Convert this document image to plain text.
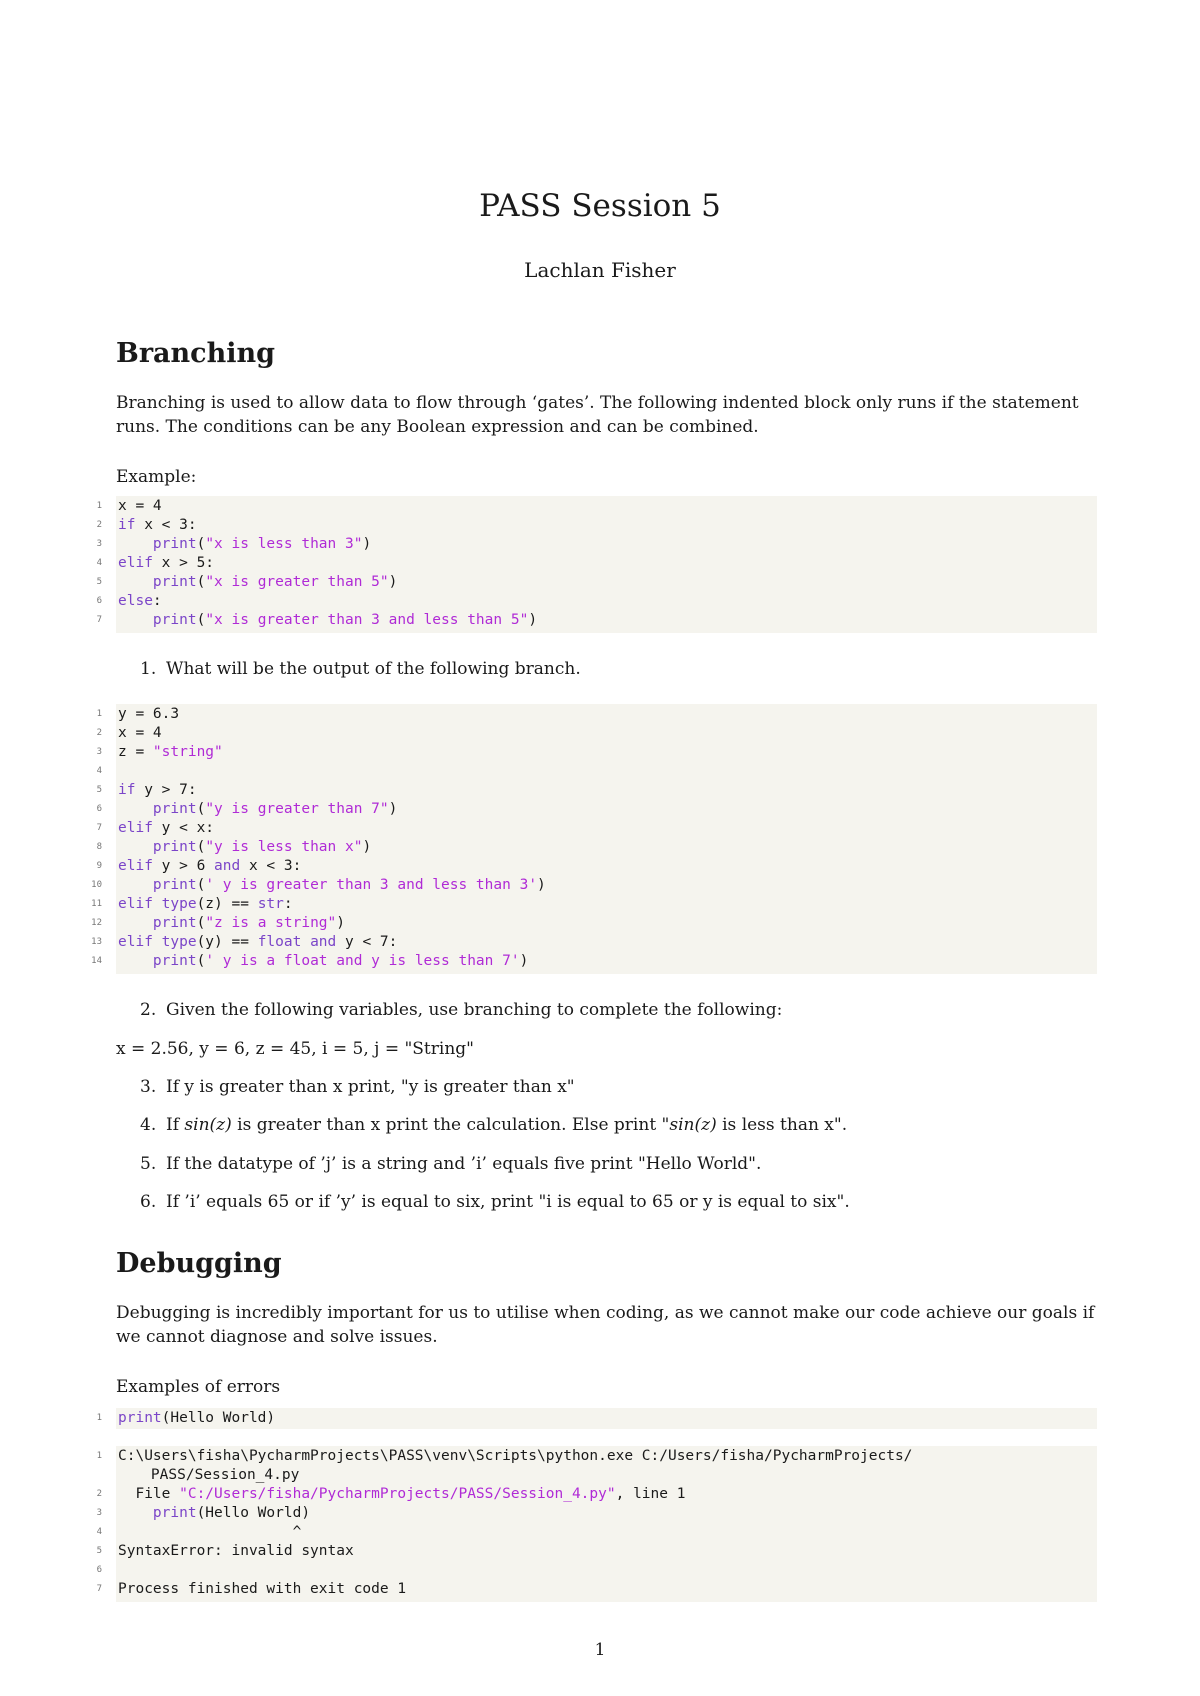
PASS Session 5
Lachlan Fisher
Branching

Branching is used to allow data to flow through ‘gates’. The following indented block only runs if the statement runs. The conditions can be any Boolean expression and can be combined.

Example:
1 x = 4
2 if x < 3:
3	print("x is less than 3")
4 elif x > 5:
5	print("x is greater than 5")
6 else:
7	print("x is greater than 3 and less than 5")
1. What will be the output of the following branch.
1 y = 6.3
2 x = 4
3 z = "string"
4
5 if y > 7:
6	print("y is greater than 7")
7 elif y < x:
8	print("y is less than x")
9 elif y > 6 and x < 3:
10	print(' y is greater than 3 and less than 3')
11 elif type(z) == str:
12	print("z is a string")
13 elif type(y) == float and y < 7:
14	print(' y is a float and y is less than 7')
2. Given the following variables, use branching to complete the following:
x = 2.56, y = 6, z = 45, i = 5, j = "String"
3. If y is greater than x print, "y is greater than x"
4. If sin(z) is greater than x print the calculation. Else print "sin(z) is less than x".
5. If the datatype of ’j’ is a string and ’i’ equals five print "Hello World".
6. If ’i’ equals 65 or if ’y’ is equal to six, print "i is equal to 65 or y is equal to six".
Debugging

Debugging is incredibly important for us to utilise when coding, as we cannot make our code achieve our goals if we cannot diagnose and solve issues.

Examples of errors
1 print(Hello World)
1 C:\Users\fisha\PycharmProjects\PASS\venv\Scripts\python.exe C:/Users/fisha/PycharmProjects/
PASS/Session_4.py
2 File "C:/Users/fisha/PycharmProjects/PASS/Session_4.py", line 1
3	print(Hello World)
4 ^
5 SyntaxError: invalid syntax
6
7 Process finished with exit code 1
1
